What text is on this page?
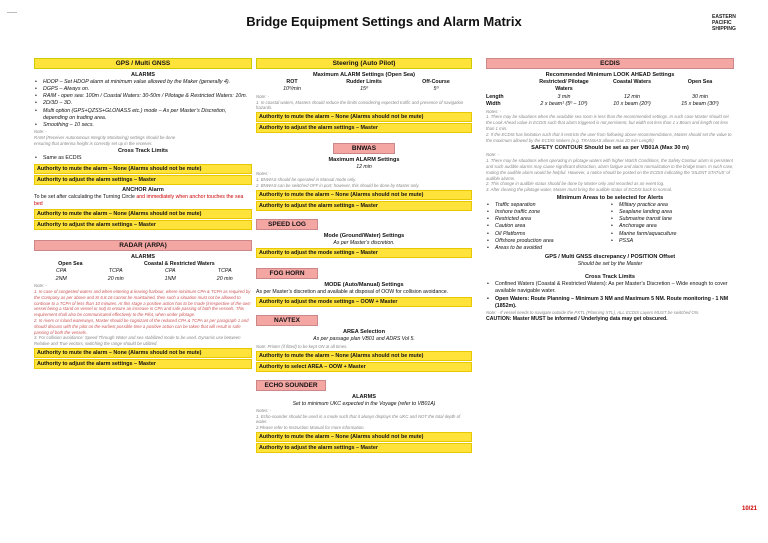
Bridge Equipment Settings and Alarm Matrix	EASTERN
PACIFIC
SHIPPING
GPS / Multi GNSS
ALARMS
• HDOP – Set HDOP alarm at minimum value allowed by the Maker (generally 4).
• DGPS – Always on.
• RAIM - open sea: 100m / Coastal Waters: 30-50m / Pilotage & Restricted Waters: 10m.
• 2D/3D – 3D.
• Multi option (GPS+QZSS+GLONASS etc.) mode – As per Master’s Discretion, depending on trading area.
• Smoothing – 10 secs.
Note: -
RAIM (Receiver Autonomous Integrity Monitoring) settings should be done
ensuring that antenna height is correctly set up in the receiver.
Cross Track Limits
• Same as ECDIS
Authority to mute the alarm – None (Alarms should not be mute)
Authority to adjust the alarm settings – Master
ANCHOR Alarm
To be set after calculating the Turning Circle and immediately when anchor touches the sea bed
Authority to mute the alarm – None (Alarms should not be mute)
Authority to adjust the alarm settings – Master
RADAR (ARPA)
ALARMS
Open Sea	Coastal & Restricted Waters
CPA	TCPA	CPA	TCPA
2NM	20 min	1NM	20 min
Note: -
1. In case of congested waters and when entering & leaving harbour, where minimum CPA & TCPA as required by the Company as per above and SI 6.8.16 cannot be maintained, then such a situation must not be allowed to continue to a TCPA of less than 10 minutes. At this stage a positive action has to be made (irrespective of the own vessel being a stand on vessel or not) to ensure an increase in CPA and safe passing of both the vessels. This requirement shall also be communicated effectively to the Pilot, when under pilotage.
2. In rivers or inland waterways, Master should be cognizant of the reduced CPA & TCPA as per paragraph 1 and should discuss with the pilot on the earliest possible time a positive action can be taken that will result in safe passing of both the vessels.
3. For collision avoidance: Speed Through Water and sea stabilized mode to be used. Dynamic use between Relative and True vectors, switching the range should be utilized.
Authority to mute the alarm – None (Alarms should not be mute)
Authority to adjust the alarm settings – Master
Steering (Auto Pilot)
Maximum ALARM Settings (Open Sea)
ROT	Rudder Limits	Off-Course
10º/min	15º	5º
Note: -
1. In coastal waters, Masters should reduce the limits considering expected traffic and presence of navigation hazards.
Authority to mute the alarm – None (Alarms should not be mute)
Authority to adjust the alarm settings – Master
BNWAS
Maximum ALARM Settings
12 min
Notes: -
1. BNWAS should be operated in Manual mode only.
2. BNWAS can be switched OFF in port; however, this should be done by Master only.
Authority to mute the alarm – None (Alarms should not be mute)
Authority to adjust the alarm settings – Master
SPEED LOG
Mode (Ground/Water) Settings
As per Master’s discretion.
Authority to adjust the mode settings – Master
FOG HORN
MODE (Auto/Manual) Settings
As per Master’s discretion and available at disposal of OOW for collision avoidance.
Authority to adjust the mode settings – OOW + Master
NAVTEX
AREA Selection
As per passage plan VB01 and ADRS Vol 5.
Note: Printer (if fitted) to be kept ON at all times.
Authority to mute the alarm – None (Alarms should not be mute)
Authority to select AREA – OOW + Master
ECHO SOUNDER
ALARMS
Set to minimum UKC expected in the Voyage (refer to VB01A)
Notes: -
1. Echo-sounder should be used in a mode such that it always displays the UKC and NOT the total depth of water.
2.Please refer to Instruction Manual for more information.
Authority to mute the alarm – None (Alarms should not be mute)
Authority to adjust the alarm settings – Master
ECDIS
Recommended Minimum LOOK AHEAD Settings
Restricted/ Pilotage Waters
Coastal Waters	Open Sea
Length	3 min	12 min	30 min
Width	2 x beam¹ (5º – 10º)	10 x beam (20º)	15 x beam (30º)
Notes: -
1. There may be situations when the available sea room is less than the recommended settings. In such case Master should set the Look Ahead value in ECDIS such that alarm triggered is not persistent, but width not less than 1 x Beam and length not less than 1 min.
2. If the ECDIS has limitation such that it restricts the user from following above recommendations, Master should set the value to the maximum allowed by the ECDIS Makers (e.g. TRANSAS allows max 20 min Length)
SAFETY CONTOUR Should be set as per VB01A (Max 30 m)
Note: -
1. There may be situations when operating in pilotage waters with higher Watch Conditions, the Safety Contour alarm is persistent and such audible alarms may cause significant distraction, alarm fatigue and alarm normalization to the bridge team. In such case, muting the audible alarm would be helpful. However, a notice should be posted on the ECDIS indicating the 'SILENT STATUS' of audible alarms.
2. This change in audible status should be done by Master only and recorded as an event log.
3. After clearing the pilotage water, Master must bring the audible status of ECDIS back to normal.
Minimum Areas to be selected for Alerts
• Traffic separation
• Inshore traffic zone
• Restricted area
• Caution area
• Oil Platforms
• Offshore production area
• Areas to be avoided
• Military practice area
• Seaplane landing area
• Submarine transit lane
• Anchorage area
• Marine farm/aquaculture
• PSSA
GPS / Multi GNSS discrepancy / POSITION Offset
Should be set by the Master
Cross Track Limits
• Confined Waters (Coastal & Restricted Waters): As per Master’s Discretion – Wide enough to cover available navigable water.
• Open Waters: Route Planning – Minimum 3 NM and Maximum 5 NM. Route monitoring - 1 NM (1852m).
Note: - If vessel needs to navigate outside the PXTL (Planning XTL), ALL ECDIS Layers MUST be switched ON.
CAUTION: Master MUST be informed / Underlying data may get obscured.
10/21
